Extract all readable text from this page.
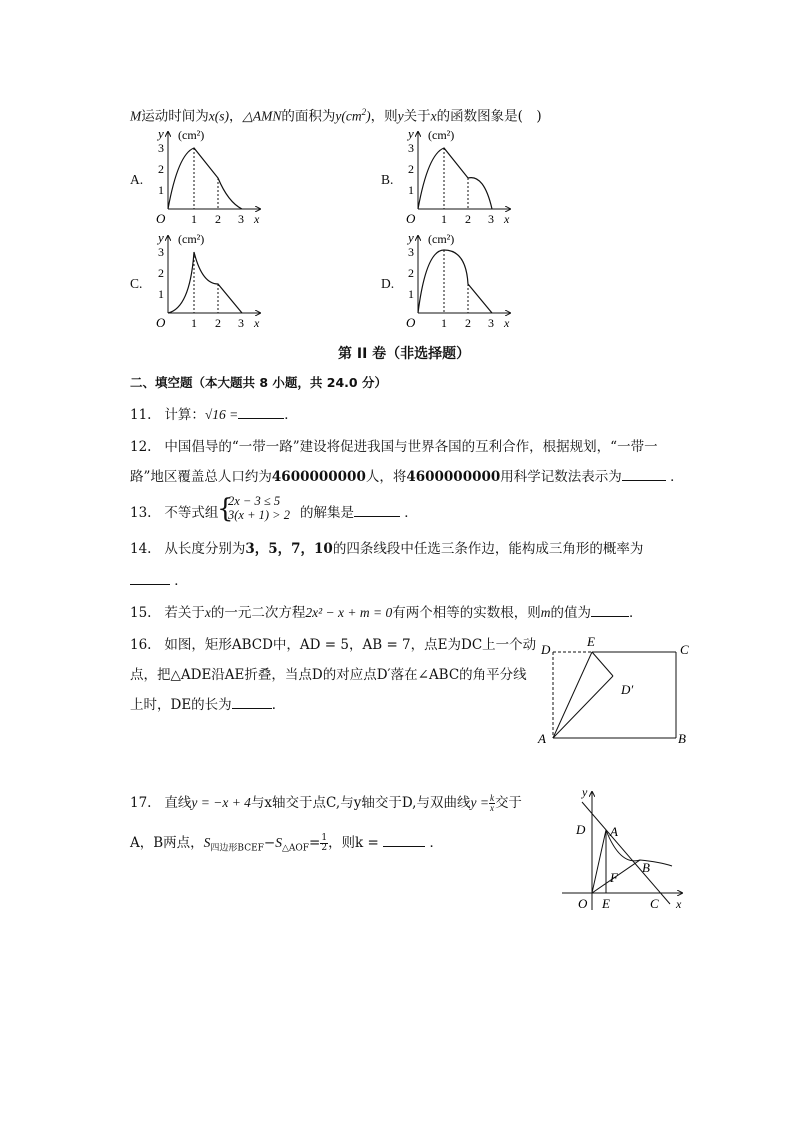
M运动时间为x(s)，△AMN的面积为$y(cm^2)$，则y关于x的函数图象是(　)
A.	B.
C.	D.
y (cm²)
O	x
1 2 3
1
2
3
y (cm²)
O	x
1 2 3
1
2
3
y (cm²)
O	x
1 2 3
1
2
3
y (cm²)
O	x
1 2 3
1
2
3
第 II 卷（非选择题）
二、填空题（本大题共 8 小题，共 24.0 分）
11. 计算：√16 =	．
12. 中国倡导的“一带一路”建设将促进我国与世界各国的互利合作，根据规划，“一带一
路”地区覆盖总人口约为4600000000人，将4600000000用科学记数法表示为	．
13. 不等式组
{
2x − 3 ≤ 5
3(x + 1) > 2 的解集是	．
14. 从长度分别为3，5，7，10的四条线段中任选三条作边，能构成三角形的概率为
．
15. 若关于x的一元二次方程2x² − x + m = 0有两个相等的实数根，则m的值为	．
16. 如图，矩形ABCD中，AD = 5，AB = 7，点E为DC上一个动
点，把△ADE沿AE折叠，当点D的对应点D′落在∠ABC的角平分线
上时，DE的长为	．
D
E
C
D′
A	B
17. 直线y = −x + 4与x轴交于点C,与y轴交于D,与双曲线$y = \frac{k}{x}$ 交于
A，B两点，$S_{四边形BCEF}-S_{\triangle AOF}= \frac{1}{2}$ ，则k =	．
y
D A
B
F
O E	C x
